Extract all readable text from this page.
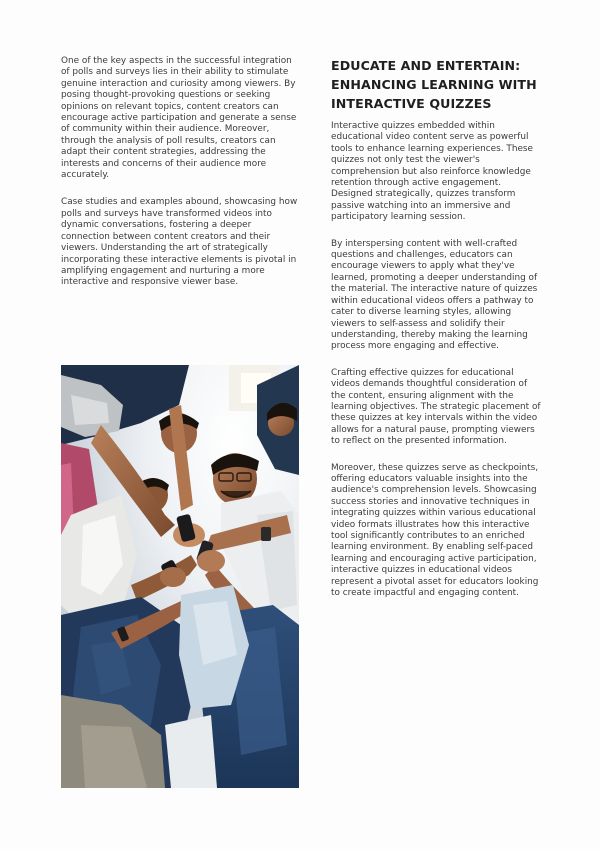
One of the key aspects in the successful integration of polls and surveys lies in their ability to stimulate genuine interaction and curiosity among viewers. By posing thought-provoking questions or seeking opinions on relevant topics, content creators can encourage active participation and generate a sense of community within their audience. Moreover, through the analysis of poll results, creators can adapt their content strategies, addressing the interests and concerns of their audience more accurately.

Case studies and examples abound, showcasing how polls and surveys have transformed videos into dynamic conversations, fostering a deeper connection between content creators and their viewers. Understanding the art of strategically incorporating these interactive elements is pivotal in amplifying engagement and nurturing a more interactive and responsive viewer base.

EDUCATE AND ENTERTAIN: ENHANCING LEARNING WITH INTERACTIVE QUIZZES

Interactive quizzes embedded within educational video content serve as powerful tools to enhance learning experiences. These quizzes not only test the viewer's comprehension but also reinforce knowledge retention through active engagement. Designed strategically, quizzes transform passive watching into an immersive and participatory learning session.

By interspersing content with well-crafted questions and challenges, educators can encourage viewers to apply what they've learned, promoting a deeper understanding of the material. The interactive nature of quizzes within educational videos offers a pathway to cater to diverse learning styles, allowing viewers to self-assess and solidify their understanding, thereby making the learning process more engaging and effective.

Crafting effective quizzes for educational videos demands thoughtful consideration of the content, ensuring alignment with the learning objectives. The strategic placement of these quizzes at key intervals within the video allows for a natural pause, prompting viewers to reflect on the presented information.

Moreover, these quizzes serve as checkpoints, offering educators valuable insights into the audience's comprehension levels. Showcasing success stories and innovative techniques in integrating quizzes within various educational video formats illustrates how this interactive tool significantly contributes to an enriched learning environment. By enabling self-paced learning and encouraging active participation, interactive quizzes in educational videos represent a pivotal asset for educators looking to create impactful and engaging content.
